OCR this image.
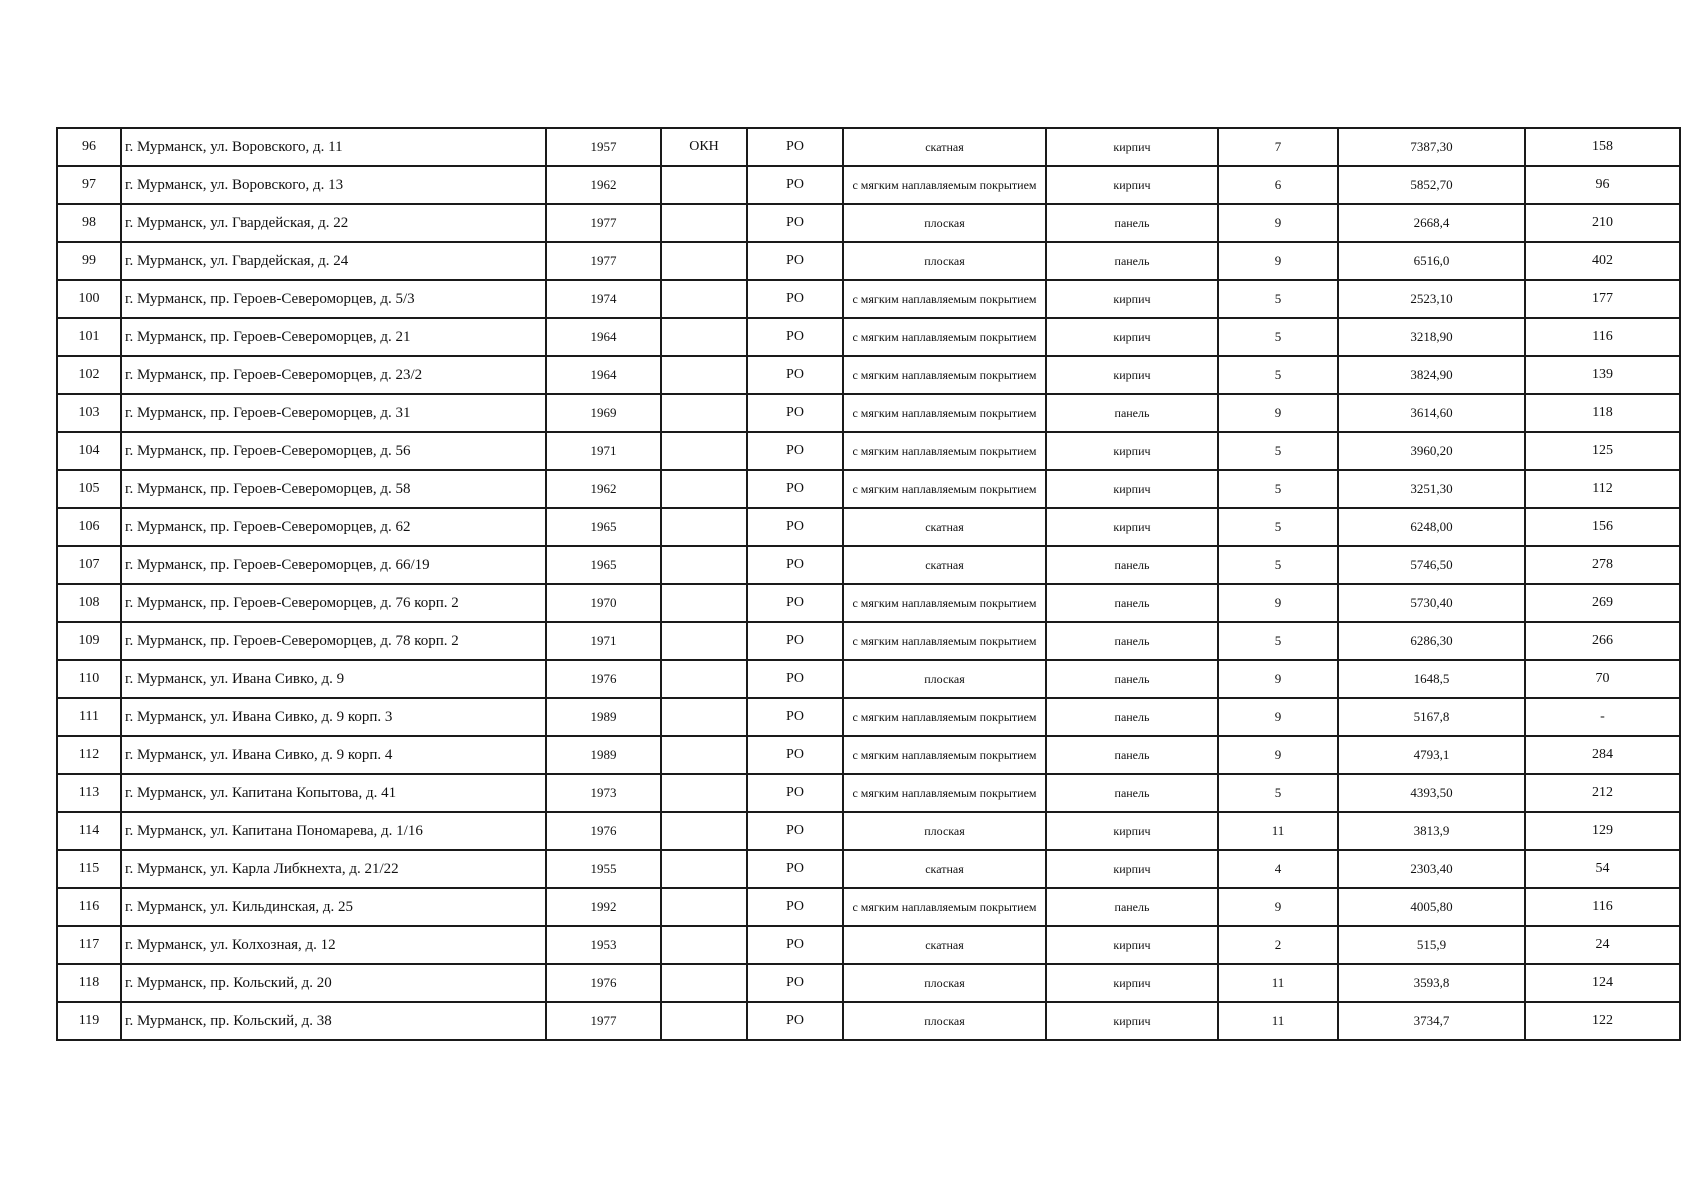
96	г. Мурманск, ул. Воровского, д. 11	1957	ОКН	РО	скатная	кирпич	7	7387,30	158
97	г. Мурманск, ул. Воровского, д. 13	1962		РО	с мягким наплавляемым покрытием	кирпич	6	5852,70	96
98	г. Мурманск, ул. Гвардейская, д. 22	1977		РО	плоская	панель	9	2668,4	210
99	г. Мурманск, ул. Гвардейская, д. 24	1977		РО	плоская	панель	9	6516,0	402
100	г. Мурманск, пр. Героев-Североморцев, д. 5/3	1974		РО	с мягким наплавляемым покрытием	кирпич	5	2523,10	177
101	г. Мурманск, пр. Героев-Североморцев, д. 21	1964		РО	с мягким наплавляемым покрытием	кирпич	5	3218,90	116
102	г. Мурманск, пр. Героев-Североморцев, д. 23/2	1964		РО	с мягким наплавляемым покрытием	кирпич	5	3824,90	139
103	г. Мурманск, пр. Героев-Североморцев, д. 31	1969		РО	с мягким наплавляемым покрытием	панель	9	3614,60	118
104	г. Мурманск, пр. Героев-Североморцев, д. 56	1971		РО	с мягким наплавляемым покрытием	кирпич	5	3960,20	125
105	г. Мурманск, пр. Героев-Североморцев, д. 58	1962		РО	с мягким наплавляемым покрытием	кирпич	5	3251,30	112
106	г. Мурманск, пр. Героев-Североморцев, д. 62	1965		РО	скатная	кирпич	5	6248,00	156
107	г. Мурманск, пр. Героев-Североморцев, д. 66/19	1965		РО	скатная	панель	5	5746,50	278
108	г. Мурманск, пр. Героев-Североморцев, д. 76 корп. 2	1970		РО	с мягким наплавляемым покрытием	панель	9	5730,40	269
109	г. Мурманск, пр. Героев-Североморцев, д. 78 корп. 2	1971		РО	с мягким наплавляемым покрытием	панель	5	6286,30	266
110	г. Мурманск, ул. Ивана Сивко, д. 9	1976		РО	плоская	панель	9	1648,5	70
111	г. Мурманск, ул. Ивана Сивко, д. 9 корп. 3	1989		РО	с мягким наплавляемым покрытием	панель	9	5167,8	-
112	г. Мурманск, ул. Ивана Сивко, д. 9 корп. 4	1989		РО	с мягким наплавляемым покрытием	панель	9	4793,1	284
113	г. Мурманск, ул. Капитана Копытова, д. 41	1973		РО	с мягким наплавляемым покрытием	панель	5	4393,50	212
114	г. Мурманск, ул. Капитана Пономарева, д. 1/16	1976		РО	плоская	кирпич	11	3813,9	129
115	г. Мурманск, ул. Карла Либкнехта, д. 21/22	1955		РО	скатная	кирпич	4	2303,40	54
116	г. Мурманск, ул. Кильдинская, д. 25	1992		РО	с мягким наплавляемым покрытием	панель	9	4005,80	116
117	г. Мурманск, ул. Колхозная, д. 12	1953		РО	скатная	кирпич	2	515,9	24
118	г. Мурманск, пр. Кольский, д. 20	1976		РО	плоская	кирпич	11	3593,8	124
119	г. Мурманск, пр. Кольский, д. 38	1977		РО	плоская	кирпич	11	3734,7	122
